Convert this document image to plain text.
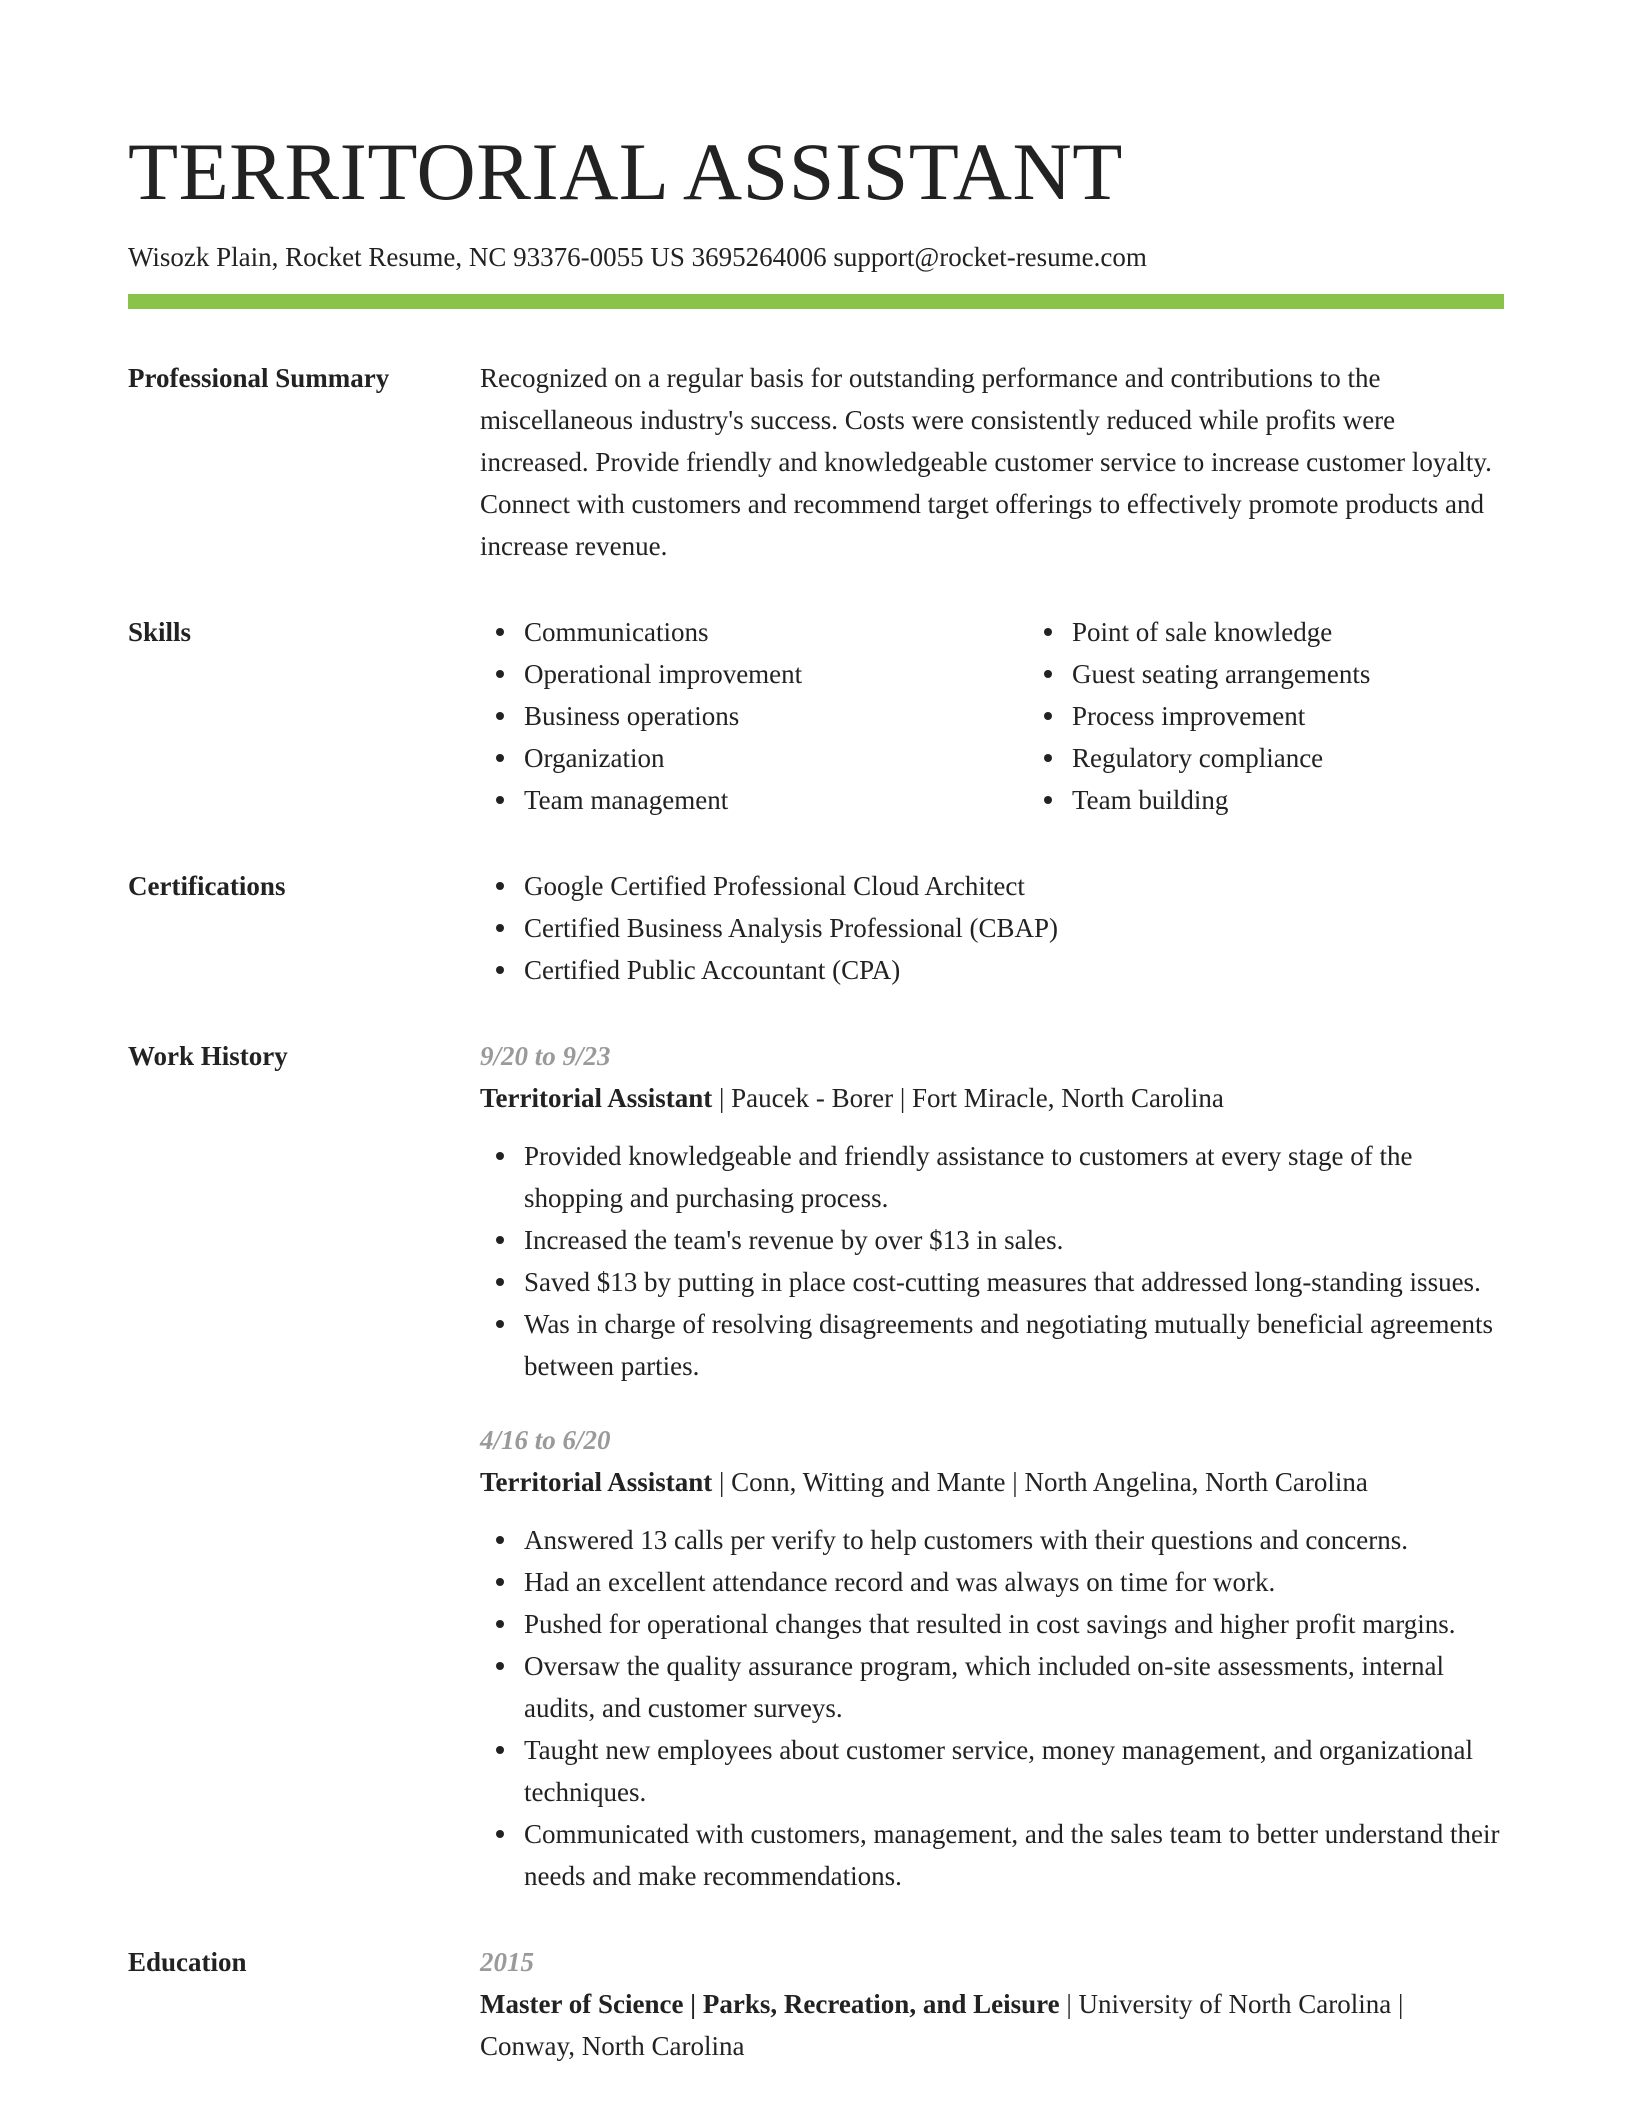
TERRITORIAL ASSISTANT
Wisozk Plain, Rocket Resume, NC 93376-0055 US 3695264006 support@rocket-resume.com
Professional Summary	Recognized on a regular basis for outstanding performance and contributions to the miscellaneous industry's success. Costs were consistently reduced while profits were increased. Provide friendly and knowledgeable customer service to increase customer loyalty. Connect with customers and recommend target offerings to effectively promote products and increase revenue.

Skills	Communications
Operational improvement
Business operations
Organization
Team management
Point of sale knowledge
Guest seating arrangements
Process improvement
Regulatory compliance
Team building
Certifications	Google Certified Professional Cloud Architect
Certified Business Analysis Professional (CBAP)
Certified Public Accountant (CPA)
Work History	9/20 to 9/23
Territorial Assistant | Paucek - Borer | Fort Miracle, North Carolina
Provided knowledgeable and friendly assistance to customers at every stage of the shopping and purchasing process.
Increased the team's revenue by over $13 in sales.
Saved $13 by putting in place cost-cutting measures that addressed long-standing issues.
Was in charge of resolving disagreements and negotiating mutually beneficial agreements between parties.
4/16 to 6/20
Territorial Assistant | Conn, Witting and Mante | North Angelina, North Carolina
Answered 13 calls per verify to help customers with their questions and concerns.
Had an excellent attendance record and was always on time for work.
Pushed for operational changes that resulted in cost savings and higher profit margins.
Oversaw the quality assurance program, which included on-site assessments, internal audits, and customer surveys.
Taught new employees about customer service, money management, and organizational techniques.
Communicated with customers, management, and the sales team to better understand their needs and make recommendations.
Education	2015
Master of Science | Parks, Recreation, and Leisure | University of North Carolina | Conway, North Carolina
